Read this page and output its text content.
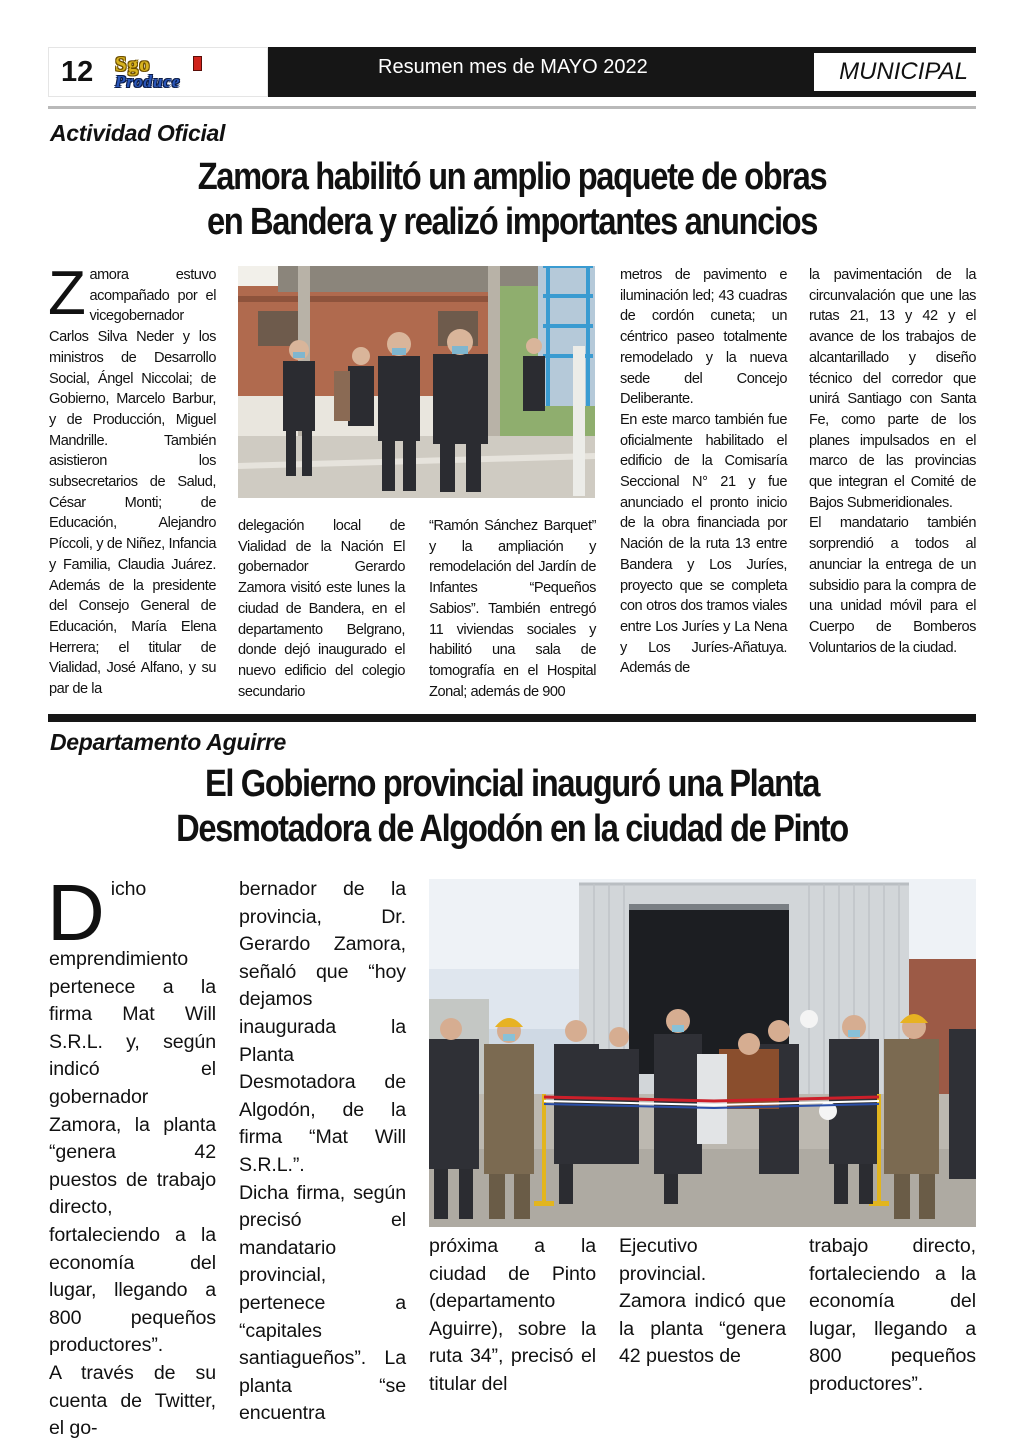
12 Sgo
Produce
Resumen mes de MAYO 2022	MUNICIPAL
Actividad Oficial
Zamora habilitó un amplio paquete de obras
en Bandera y realizó importantes anuncios
Z amora estuvo acompañado por el vicegobernador Carlos Silva Neder y los ministros de Desarrollo Social, Ángel Niccolai; de Gobierno, Marcelo Barbur, y de Producción, Miguel Mandrille. También asistieron los subsecretarios de Salud, César Monti; de Educación, Alejandro Píccoli, y de Niñez, Infancia y Familia, Claudia Juárez. Además de la presidente del Consejo General de Educación, María Elena Herrera; el titular de Vialidad, José Alfano, y su par de la

delegación local de Vialidad de la Nación El gobernador Gerardo Zamora visitó este lunes la ciudad de Bandera, en el departamento Belgrano, donde dejó inaugurado el nuevo edificio del colegio secundario

“Ramón Sánchez Barquet” y la ampliación y remodelación del Jardín de Infantes “Pequeños Sabios”. También entregó 11 viviendas sociales y habilitó una sala de tomografía en el Hospital Zonal; además de 900

metros de pavimento e iluminación led; 43 cuadras de cordón cuneta; un céntrico paseo totalmente remodelado y la nueva sede del Concejo Deliberante.

En este marco también fue oficialmente habilitado el edificio de la Comisaría Seccional N° 21 y fue anunciado el pronto inicio de la obra financiada por Nación de la ruta 13 entre Bandera y Los Juríes, proyecto que se completa con otros dos tramos viales entre Los Juríes y La Nena y Los Juríes-Añatuya. Además de

la pavimentación de la circunvalación que une las rutas 21, 13 y 42 y el avance de los trabajos de alcantarillado y diseño técnico del corredor que unirá Santiago con Santa Fe, como parte de los planes impulsados en el marco de las provincias que integran el Comité de Bajos Submeridionales.

El mandatario también sorprendió a todos al anunciar la entrega de un subsidio para la compra de una unidad móvil para el Cuerpo de Bomberos Voluntarios de la ciudad.

Departamento Aguirre
El Gobierno provincial inauguró una Planta
Desmotadora de Algodón en la ciudad de Pinto
D icho emprendimiento pertenece a la firma Mat Will S.R.L. y, según indicó el gobernador Zamora, la planta “genera 42 puestos de trabajo directo, fortaleciendo a la economía del lugar, llegando a 800 pequeños productores”.

A través de su cuenta de Twitter, el go-

bernador de la provincia, Dr. Gerardo Zamora, señaló que “hoy dejamos inaugurada la Planta Desmotadora de Algodón, de la firma “Mat Will S.R.L.”.

Dicha firma, según precisó el mandatario provincial, pertenece a “capitales santiagueños”. La planta “se encuentra

próxima a la ciudad de Pinto (departamento Aguirre), sobre la ruta 34”, precisó el titular del

Ejecutivo provincial.

Zamora indicó que la planta “genera 42 puestos de

trabajo directo, fortaleciendo a la economía del lugar, llegando a 800 pequeños productores”.
